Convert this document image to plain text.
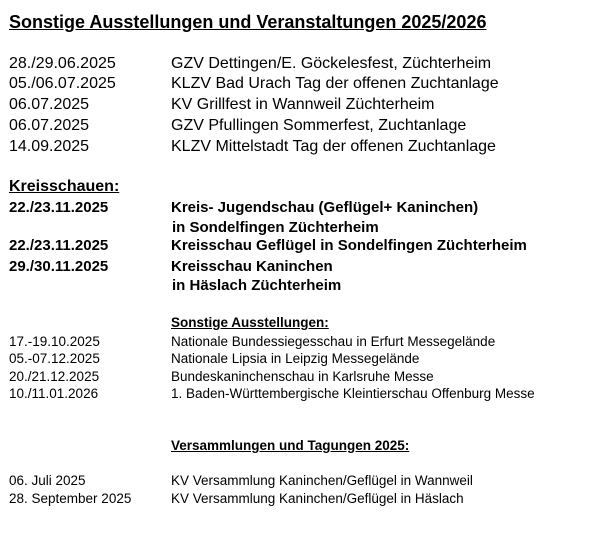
Sonstige Ausstellungen und Veranstaltungen 2025/2026
28./29.06.2025	GZV Dettingen/E. Göckelesfest, Züchterheim
05./06.07.2025	KLZV Bad Urach Tag der offenen Zuchtanlage
06.07.2025	KV Grillfest in Wannweil Züchterheim
06.07.2025	GZV Pfullingen Sommerfest, Zuchtanlage
14.09.2025	KLZV Mittelstadt Tag der offenen Zuchtanlage
Kreisschauen:
22./23.11.2025	Kreis- Jugendschau (Geflügel+ Kaninchen)
in Sondelfingen Züchterheim
22./23.11.2025	Kreisschau Geflügel in Sondelfingen Züchterheim
29./30.11.2025	Kreisschau Kaninchen
in Häslach Züchterheim
Sonstige Ausstellungen:
17.-19.10.2025	Nationale Bundessiegesschau in Erfurt Messegelände
05.-07.12.2025	Nationale Lipsia in Leipzig Messegelände
20./21.12.2025	Bundeskaninchenschau in Karlsruhe Messe
10./11.01.2026	1. Baden-Württembergische Kleintierschau Offenburg Messe
Versammlungen und Tagungen 2025:
06. Juli 2025	KV Versammlung Kaninchen/Geflügel in Wannweil
28. September 2025	KV Versammlung Kaninchen/Geflügel in Häslach
